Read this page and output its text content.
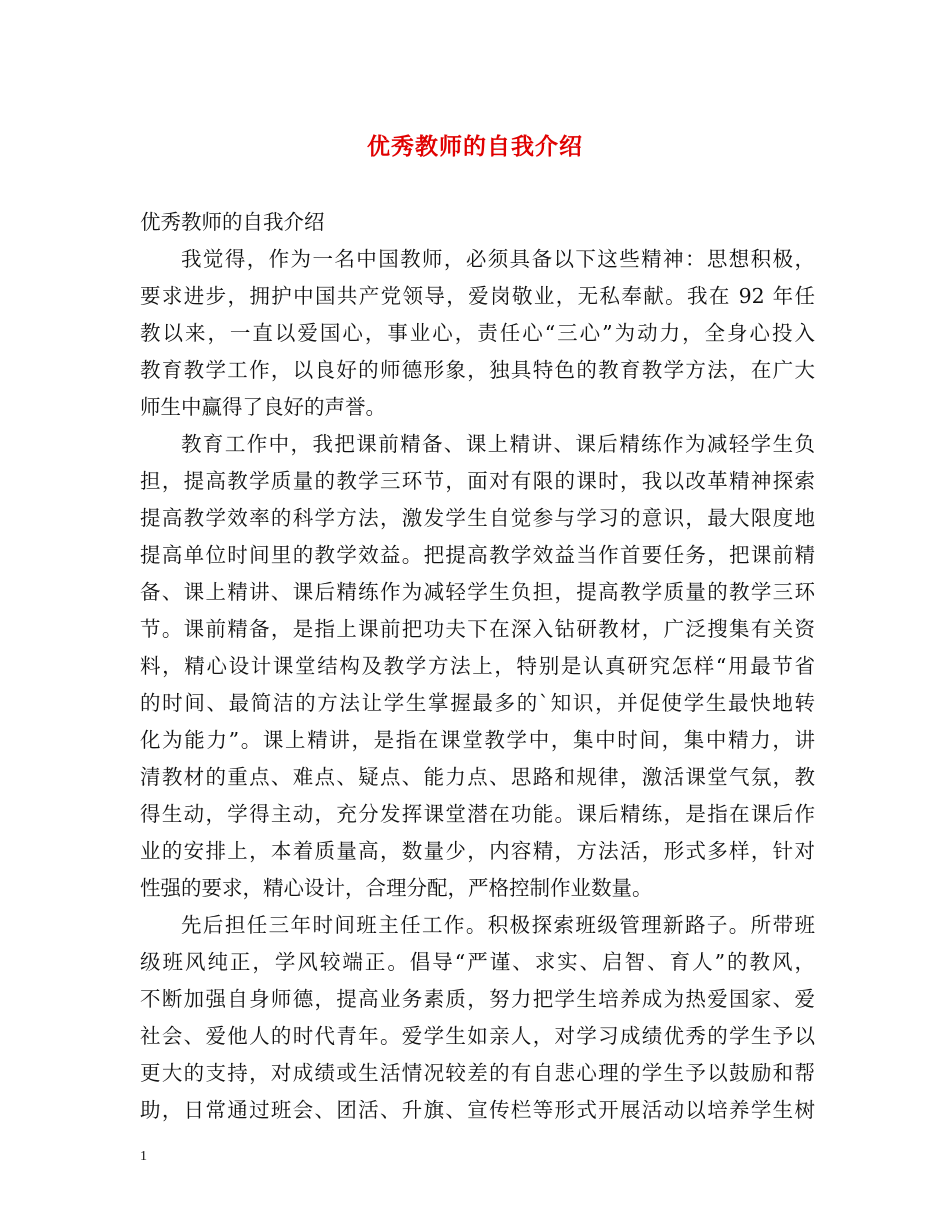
优秀教师的自我介绍
优秀教师的自我介绍
我觉得，作为一名中国教师，必须具备以下这些精神：思想积极，
要求进步，拥护中国共产党领导，爱岗敬业，无私奉献。我在 92 年任
教以来，一直以爱国心，事业心，责任心“三心”为动力，全身心投入
教育教学工作，以良好的师德形象，独具特色的教育教学方法，在广大
师生中赢得了良好的声誉。
教育工作中，我把课前精备、课上精讲、课后精练作为减轻学生负
担，提高教学质量的教学三环节，面对有限的课时，我以改革精神探索
提高教学效率的科学方法，激发学生自觉参与学习的意识，最大限度地
提高单位时间里的教学效益。把提高教学效益当作首要任务，把课前精
备、课上精讲、课后精练作为减轻学生负担，提高教学质量的教学三环
节。课前精备，是指上课前把功夫下在深入钻研教材，广泛搜集有关资
料，精心设计课堂结构及教学方法上，特别是认真研究怎样“用最节省
的时间、最简洁的方法让学生掌握最多的`知识，并促使学生最快地转
化为能力”。课上精讲，是指在课堂教学中，集中时间，集中精力，讲
清教材的重点、难点、疑点、能力点、思路和规律，激活课堂气氛，教
得生动，学得主动，充分发挥课堂潜在功能。课后精练，是指在课后作
业的安排上，本着质量高，数量少，内容精，方法活，形式多样，针对
性强的要求，精心设计，合理分配，严格控制作业数量。
先后担任三年时间班主任工作。积极探索班级管理新路子。所带班
级班风纯正，学风较端正。倡导“严谨、求实、启智、育人”的教风，
不断加强自身师德，提高业务素质，努力把学生培养成为热爱国家、爱
社会、爱他人的时代青年。爱学生如亲人，对学习成绩优秀的学生予以
更大的支持，对成绩或生活情况较差的有自悲心理的学生予以鼓励和帮
助，日常通过班会、团活、升旗、宣传栏等形式开展活动以培养学生树
1
